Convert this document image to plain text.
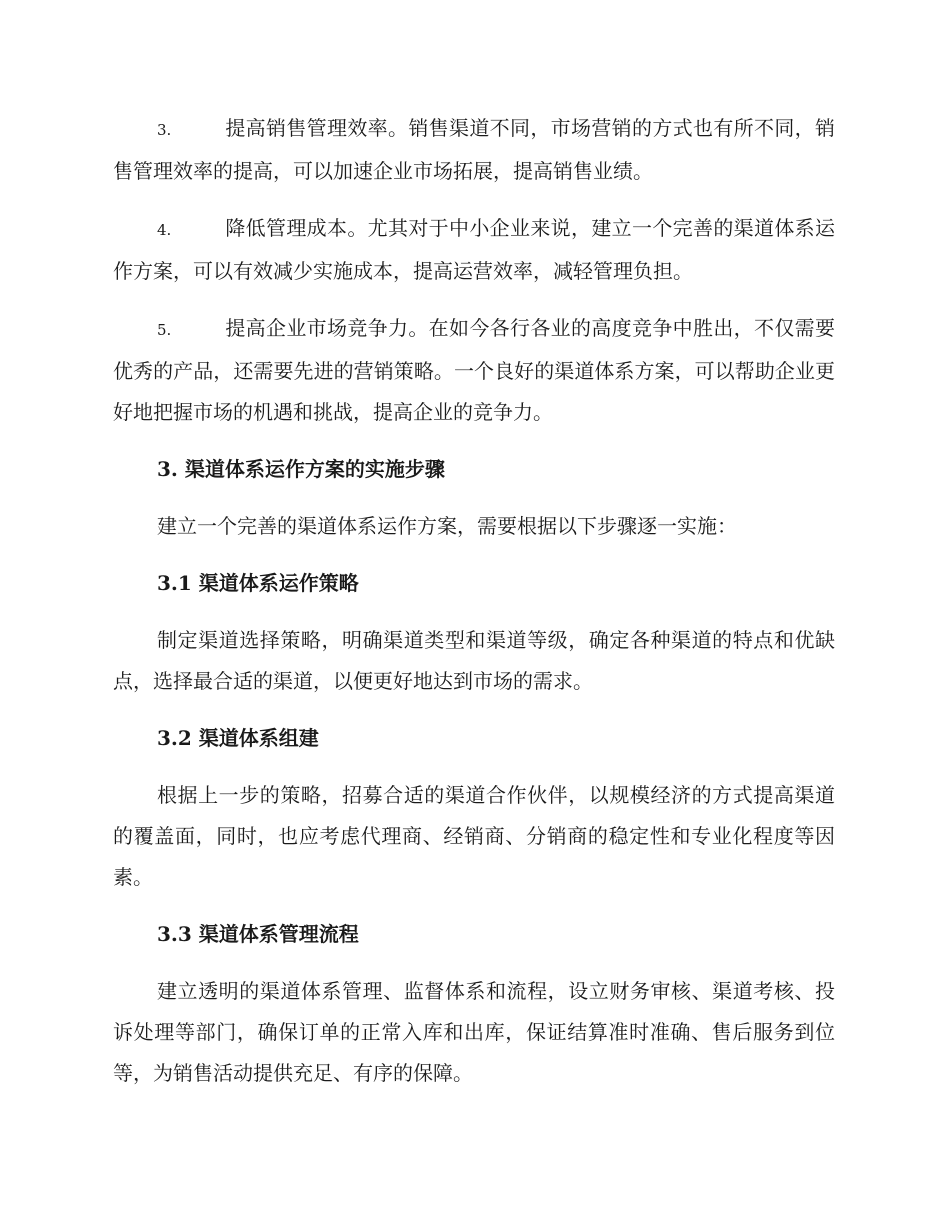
3.	提高销售管理效率。销售渠道不同，市场营销的方式也有所不同，销售管理效率的提高，可以加速企业市场拓展，提高销售业绩。

4.	降低管理成本。尤其对于中小企业来说，建立一个完善的渠道体系运作方案，可以有效减少实施成本，提高运营效率，减轻管理负担。

5.	提高企业市场竞争力。在如今各行各业的高度竞争中胜出，不仅需要优秀的产品，还需要先进的营销策略。一个良好的渠道体系方案，可以帮助企业更好地把握市场的机遇和挑战，提高企业的竞争力。

3. 渠道体系运作方案的实施步骤

建立一个完善的渠道体系运作方案，需要根据以下步骤逐一实施：

3.1 渠道体系运作策略

制定渠道选择策略，明确渠道类型和渠道等级，确定各种渠道的特点和优缺点，选择最合适的渠道，以便更好地达到市场的需求。

3.2 渠道体系组建

根据上一步的策略，招募合适的渠道合作伙伴，以规模经济的方式提高渠道的覆盖面，同时，也应考虑代理商、经销商、分销商的稳定性和专业化程度等因素。

3.3 渠道体系管理流程

建立透明的渠道体系管理、监督体系和流程，设立财务审核、渠道考核、投诉处理等部门，确保订单的正常入库和出库，保证结算准时准确、售后服务到位等，为销售活动提供充足、有序的保障。
